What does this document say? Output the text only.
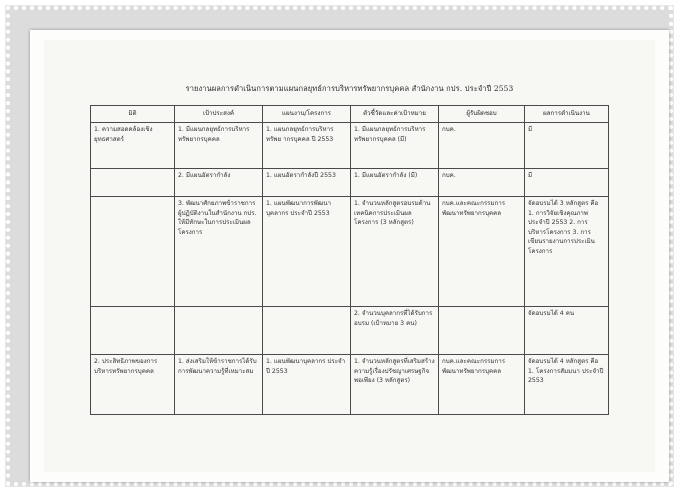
รายงานผลการดำเนินการตามแผนกลยุทธ์การบริหารทรัพยากรบุคคล สำนักงาน กปร. ประจำปี 2553
มิติ	เป้าประสงค์	แผนงาน/โครงการ	ตัวชี้วัดและค่าเป้าหมาย	ผู้รับผิดชอบ	ผลการดำเนินงาน
1. ความสอดคล้องเชิงยุทธศาสตร์	1. มีแผนกลยุทธ์การบริหารทรัพยากรบุคคล	1. แผนกลยุทธ์การบริหารทรัพย ากรบุคคล ปี 2553	1. มีแผนกลยุทธ์การบริหารทรัพยากรบุคคล (มี)	กบค.	มี
	2. มีแผนอัตรากำลัง	1. แผนอัตรากำลังปี 2553	1. มีแผนอัตรากำลัง (มี)	กบค.	มี
	3. พัฒนาศักยภาพข้าราชการผู้ปฏิบัติงานในสำนักงาน กปร. ให้มีทักษะในการประเมินผลโครงการ	1. แผนพัฒนาการพัฒนาบุคลากร ประจำปี 2553	1. จำนวนหลักสูตรอบรมด้านเทคนิคการประเมินผลโครงการ (3 หลักสูตร)	กบค.และคณะกรรมการพัฒนาทรัพยากรบุคคล	จัดอบรมได้ 3 หลักสูตร คือ 1. การวิจัยเชิงคุณภาพ ประจำปี 2553 2. การบริหารโครงการ 3. การเขียนรายงานการประเมินโครงการ
			2. จำนวนบุคลากรที่ได้รับการอบรม (เป้าหมาย 3 คน)		จัดอบรมได้ 4 คน
2. ประสิทธิภาพของการบริหารทรัพยากรบุคคล	1. ส่งเสริมให้ข้าราชการได้รับการพัฒนาความรู้ที่เหมาะสม	1. แผนพัฒนาบุคลากร ประจำปี 2553	1. จำนวนหลักสูตรที่เสริมสร้างความรู้เรื่องปรัชญาเศรษฐกิจพอเพียง (3 หลักสูตร)	กบค.และคณะกรรมการพัฒนาทรัพยากรบุคคล	จัดอบรมได้ 4 หลักสูตร คือ 1. โครงการสัมมนา ประจำปี 2553
